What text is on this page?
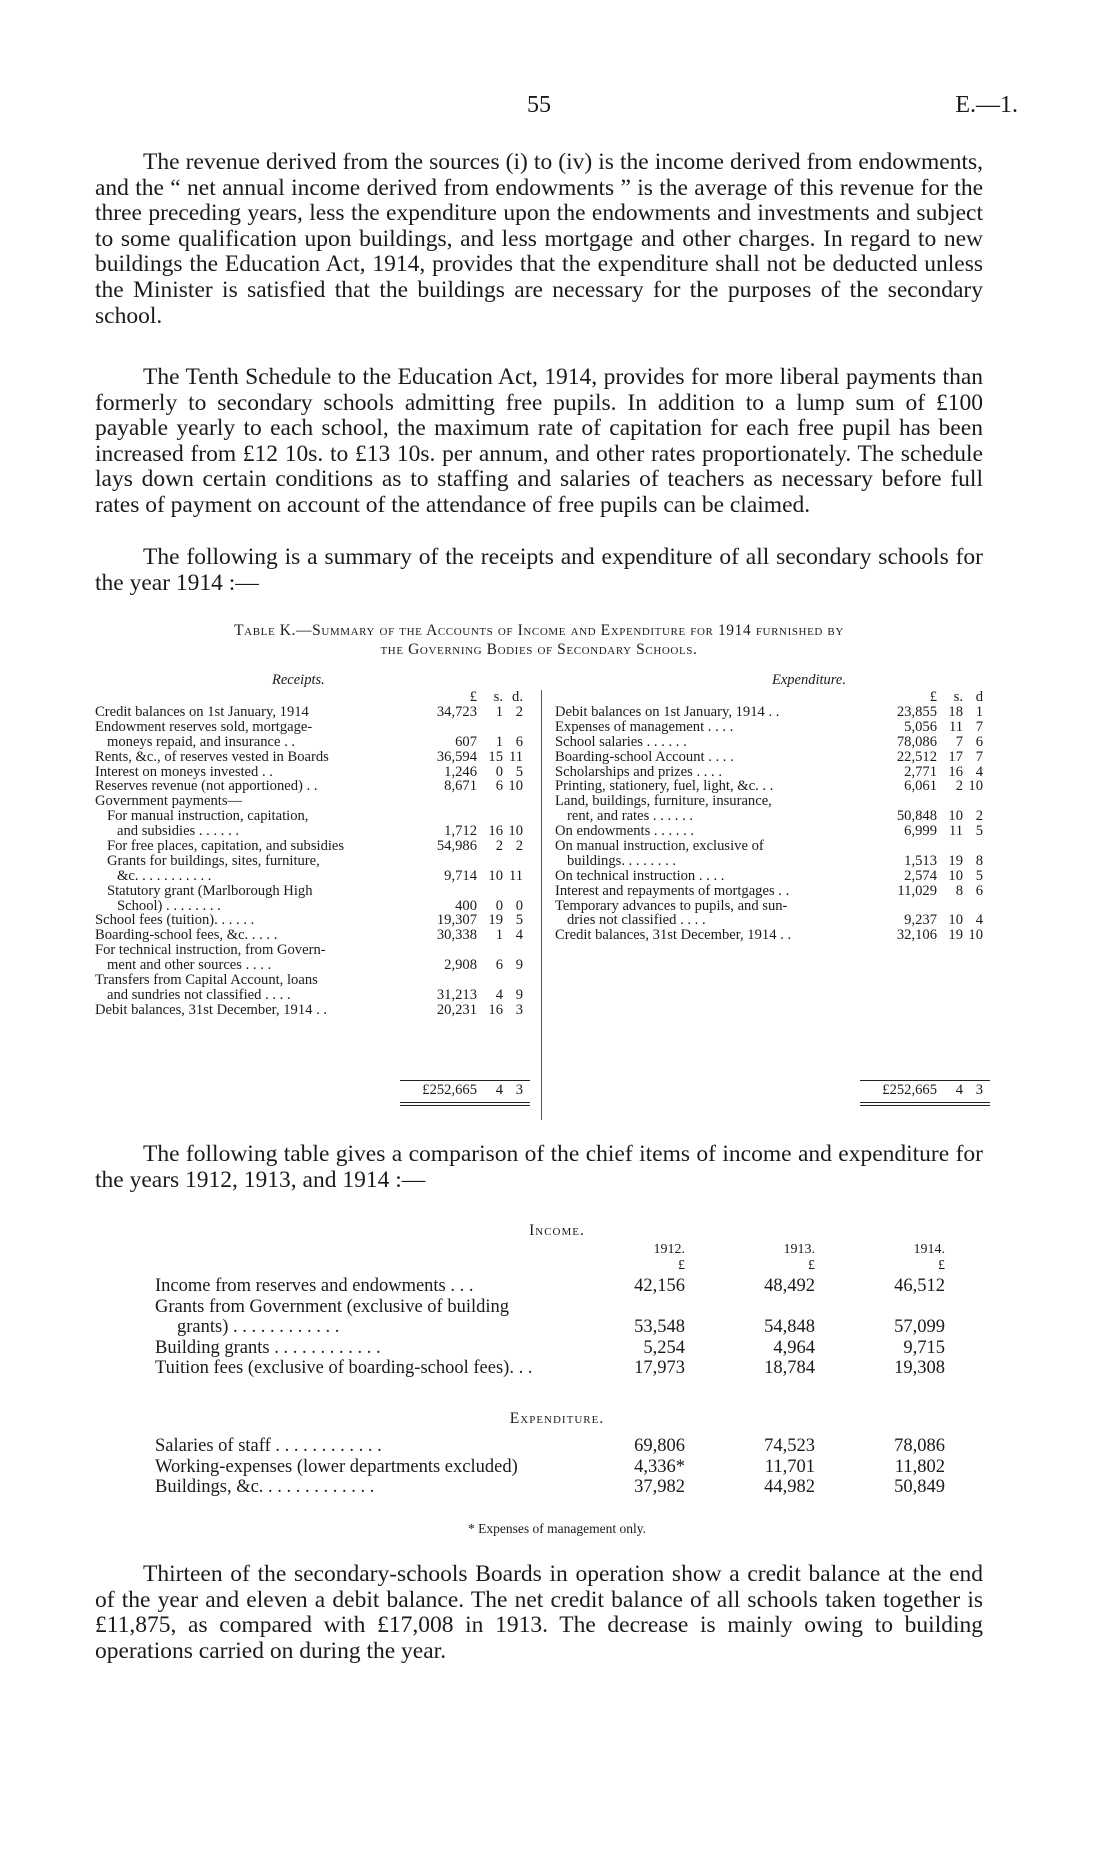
55	E.—1.

The revenue derived from the sources (i) to (iv) is the income derived from endowments, and the “ net annual income derived from endowments ” is the average of this revenue for the three preceding years, less the expenditure upon the endowments and investments and subject to some qualification upon buildings, and less mortgage and other charges. In regard to new buildings the Education Act, 1914, provides that the expenditure shall not be deducted unless the Minister is satisfied that the buildings are necessary for the purposes of the secondary school.

The Tenth Schedule to the Education Act, 1914, provides for more liberal payments than formerly to secondary schools admitting free pupils. In addition to a lump sum of £100 payable yearly to each school, the maximum rate of capitation for each free pupil has been increased from £12 10s. to £13 10s. per annum, and other rates proportionately. The schedule lays down certain conditions as to staffing and salaries of teachers as necessary before full rates of payment on account of the attendance of free pupils can be claimed.

The following is a summary of the receipts and expenditure of all secondary schools for the year 1914 :—

Table K.—Summary of the Accounts of Income and Expenditure for 1914 furnished by
the Governing Bodies of Secondary Schools.
Receipts.	Expenditure.
£	s. d.	£	s. d
Credit balances on 1st January, 1914	34,723	1 2
Endowment reserves sold, mortgage-
moneys repaid, and insurance . .	607	1 6
Rents, &c., of reserves vested in Boards	36,594 15 11
Interest on moneys invested . .	1,246	0 5
Reserves revenue (not apportioned) . .	8,671	6 10
Government payments—
For manual instruction, capitation,
and subsidies . . . . . .	1,712 16 10
For free places, capitation, and subsidies	54,986	2 2
Grants for buildings, sites, furniture,
&c. . . . . . . . . . .	9,714 10 11
Statutory grant (Marlborough High
School) . . . . . . . .	400	0 0
School fees (tuition). . . . . .	19,307 19 5
Boarding-school fees, &c. . . . .	30,338	1 4
For technical instruction, from Govern-
ment and other sources . . . .	2,908	6 9
Transfers from Capital Account, loans
and sundries not classified . . . .	31,213	4 9
Debit balances, 31st December, 1914 . .	20,231 16 3
Debit balances on 1st January, 1914 . .	23,855 18 1
Expenses of management . . . .	5,056 11 7
School salaries . . . . . .	78,086	7 6
Boarding-school Account . . . .	22,512 17 7
Scholarships and prizes . . . .	2,771 16 4
Printing, stationery, fuel, light, &c. . .	6,061	2 10
Land, buildings, furniture, insurance,
rent, and rates . . . . . .	50,848 10 2
On endowments . . . . . .	6,999 11 5
On manual instruction, exclusive of
buildings. . . . . . . .	1,513 19 8
On technical instruction . . . .	2,574 10 5
Interest and repayments of mortgages . .	11,029	8 6
Temporary advances to pupils, and sun-
dries not classified . . . .	9,237 10 4
Credit balances, 31st December, 1914 . .	32,106 19 10
£252,665	4 3	£252,665	4 3

The following table gives a comparison of the chief items of income and expenditure for the years 1912, 1913, and 1914 :—

Income.
1912.	1913.	1914.
£	£	£
Income from reserves and endowments . . .	42,156	48,492	46,512
Grants from Government (exclusive of building
grants) . . . . . . . . . . . .	53,548	54,848	57,099
Building grants . . . . . . . . . . . .	5,254	4,964	9,715
Tuition fees (exclusive of boarding-school fees). . .	17,973	18,784	19,308
Expenditure.
Salaries of staff . . . . . . . . . . . .	69,806	74,523	78,086
Working-expenses (lower departments excluded)	4,336*	11,701	11,802
Buildings, &c. . . . . . . . . . . . .	37,982	44,982	50,849
* Expenses of management only.

Thirteen of the secondary-schools Boards in operation show a credit balance at the end of the year and eleven a debit balance. The net credit balance of all schools taken together is £11,875, as compared with £17,008 in 1913. The decrease is mainly owing to building operations carried on during the year.
